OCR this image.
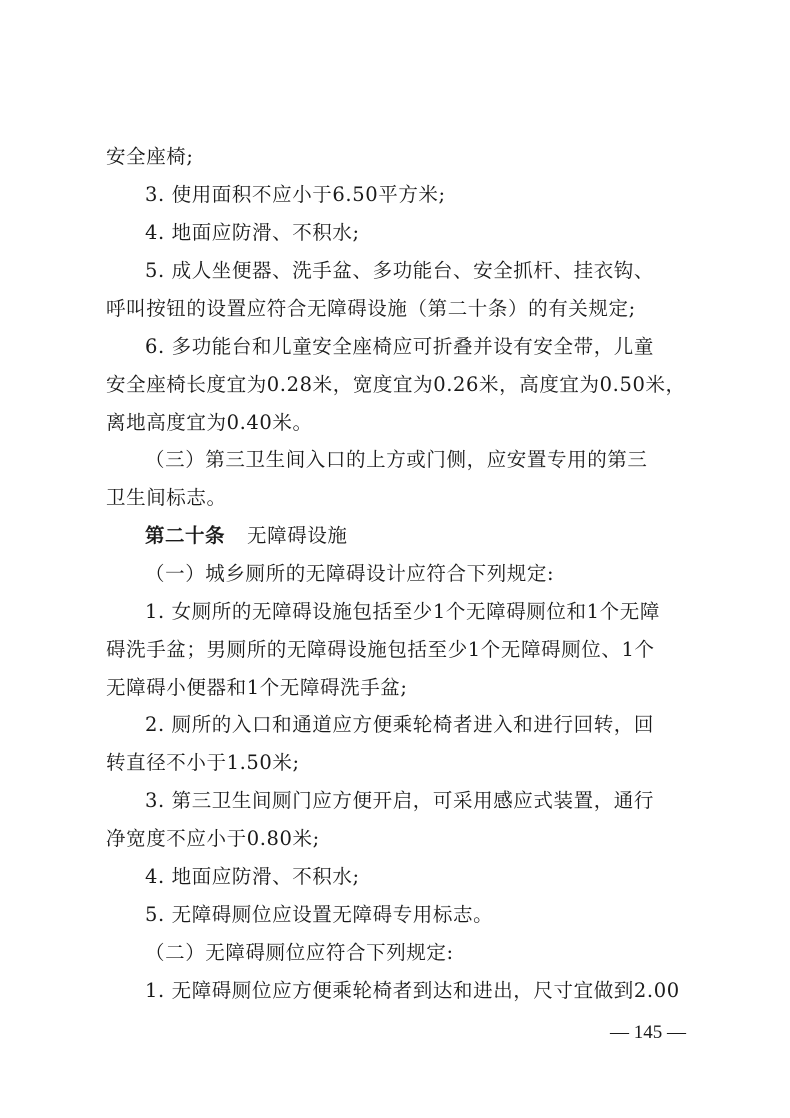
安全座椅;
3. 使用面积不应小于6.50平方米;
4. 地面应防滑、不积水;
5. 成人坐便器、洗手盆、多功能台、安全抓杆、挂衣钩、
呼叫按钮的设置应符合无障碍设施（第二十条）的有关规定;
6. 多功能台和儿童安全座椅应可折叠并设有安全带，儿童
安全座椅长度宜为0.28米，宽度宜为0.26米，高度宜为0.50米，
离地高度宜为0.40米。
（三）第三卫生间入口的上方或门侧，应安置专用的第三
卫生间标志。
第二十条 无障碍设施
（一）城乡厕所的无障碍设计应符合下列规定:
1. 女厕所的无障碍设施包括至少1个无障碍厕位和1个无障
碍洗手盆；男厕所的无障碍设施包括至少1个无障碍厕位、1个
无障碍小便器和1个无障碍洗手盆;
2. 厕所的入口和通道应方便乘轮椅者进入和进行回转，回
转直径不小于1.50米;
3. 第三卫生间厕门应方便开启，可采用感应式装置，通行
净宽度不应小于0.80米;
4. 地面应防滑、不积水;
5. 无障碍厕位应设置无障碍专用标志。
（二）无障碍厕位应符合下列规定:
1. 无障碍厕位应方便乘轮椅者到达和进出，尺寸宜做到2.00
— 145 —
